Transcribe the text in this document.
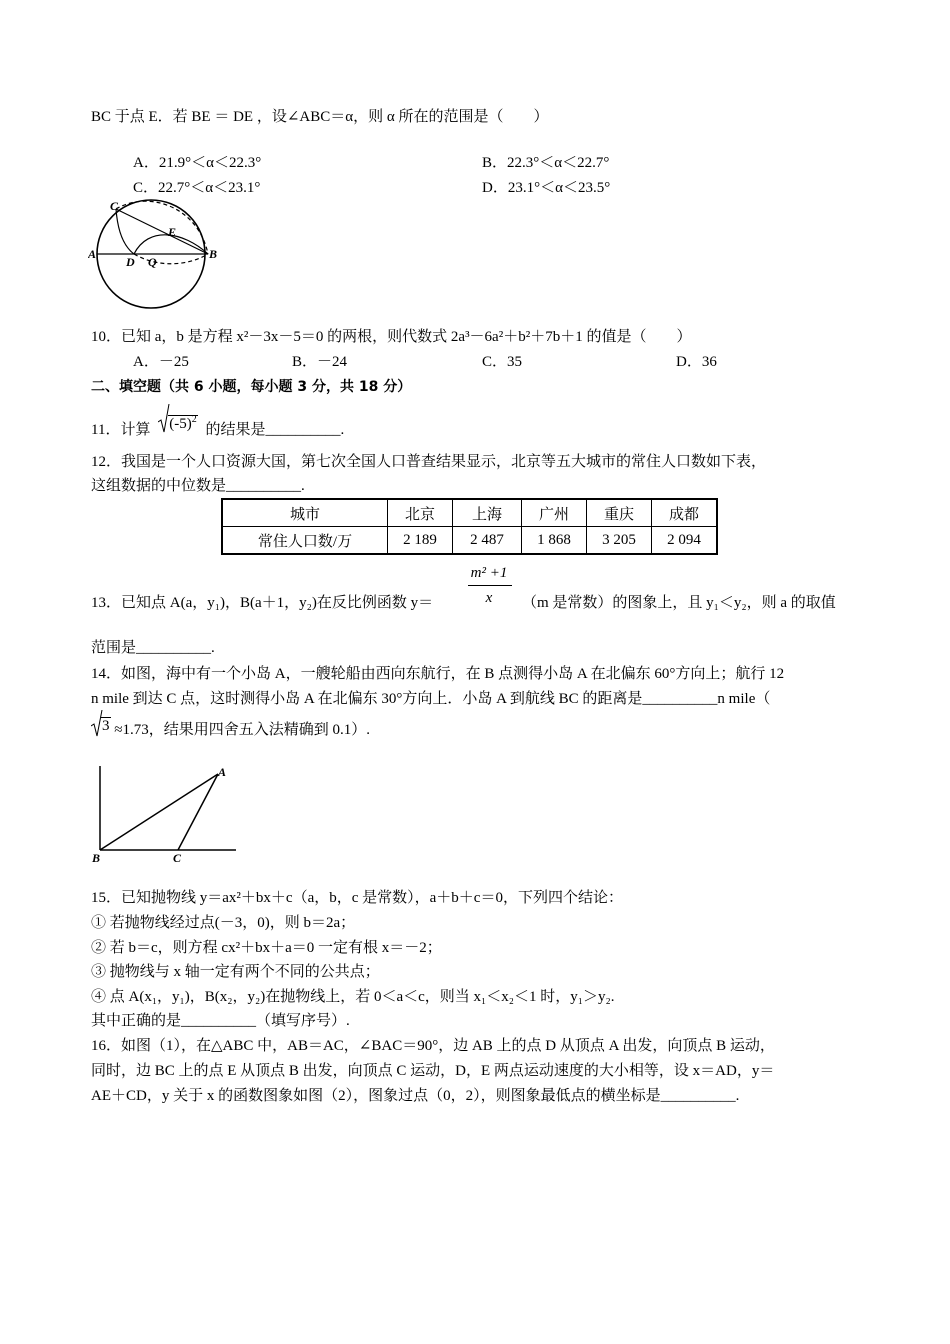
BC 于点 E．若 BE ＝ DE ，设∠ABC＝α，则 α 所在的范围是（　　）
A．21.9°＜α＜22.3°	B．22.3°＜α＜22.7°
C．22.7°＜α＜23.1°	D．23.1°＜α＜23.5°
C
E
A	B
D Q
10．已知 a，b 是方程 x²－3x－5＝0 的两根，则代数式 2a³－6a²＋b²＋7b＋1 的值是（　　）
A．－25	B．－24	C．35	D．36
二、填空题（共 6 小题，每小题 3 分，共 18 分）
11．计算 $(-5)^2$ 的结果是__________.
12．我国是一个人口资源大国，第七次全国人口普查结果显示，北京等五大城市的常住人口数如下表，
这组数据的中位数是__________.
城市	北京	上海	广州	重庆	成都
常住人口数/万	2 189	2 487	1 868	3 205	2 094
m² +1
x
13．已知点 A(a，y₁)，B(a＋1，y₂)在反比例函数 y＝	（m 是常数）的图象上，且 y₁＜y₂，则 a 的取值
范围是__________.
14．如图，海中有一个小岛 A，一艘轮船由西向东航行，在 B 点测得小岛 A 在北偏东 60°方向上；航行 12
n mile 到达 C 点，这时测得小岛 A 在北偏东 30°方向上．小岛 A 到航线 BC 的距离是__________n mile（
3 ≈1.73，结果用四舍五入法精确到 0.1）.
A
B	C
15．已知抛物线 y＝ax²＋bx＋c（a，b，c 是常数），a＋b＋c＝0，下列四个结论：
① 若抛物线经过点(－3，0)，则 b＝2a；
② 若 b＝c，则方程 cx²＋bx＋a＝0 一定有根 x＝－2；
③ 抛物线与 x 轴一定有两个不同的公共点；
④ 点 A(x₁，y₁)，B(x₂，y₂)在抛物线上，若 0＜a＜c，则当 x₁＜x₂＜1 时，y₁＞y₂.
其中正确的是__________（填写序号）.
16．如图（1），在△ABC 中，AB＝AC，∠BAC＝90°，边 AB 上的点 D 从顶点 A 出发，向顶点 B 运动，
同时，边 BC 上的点 E 从顶点 B 出发，向顶点 C 运动，D，E 两点运动速度的大小相等，设 x＝AD，y＝
AE＋CD，y 关于 x 的函数图象如图（2），图象过点（0，2），则图象最低点的横坐标是__________.
